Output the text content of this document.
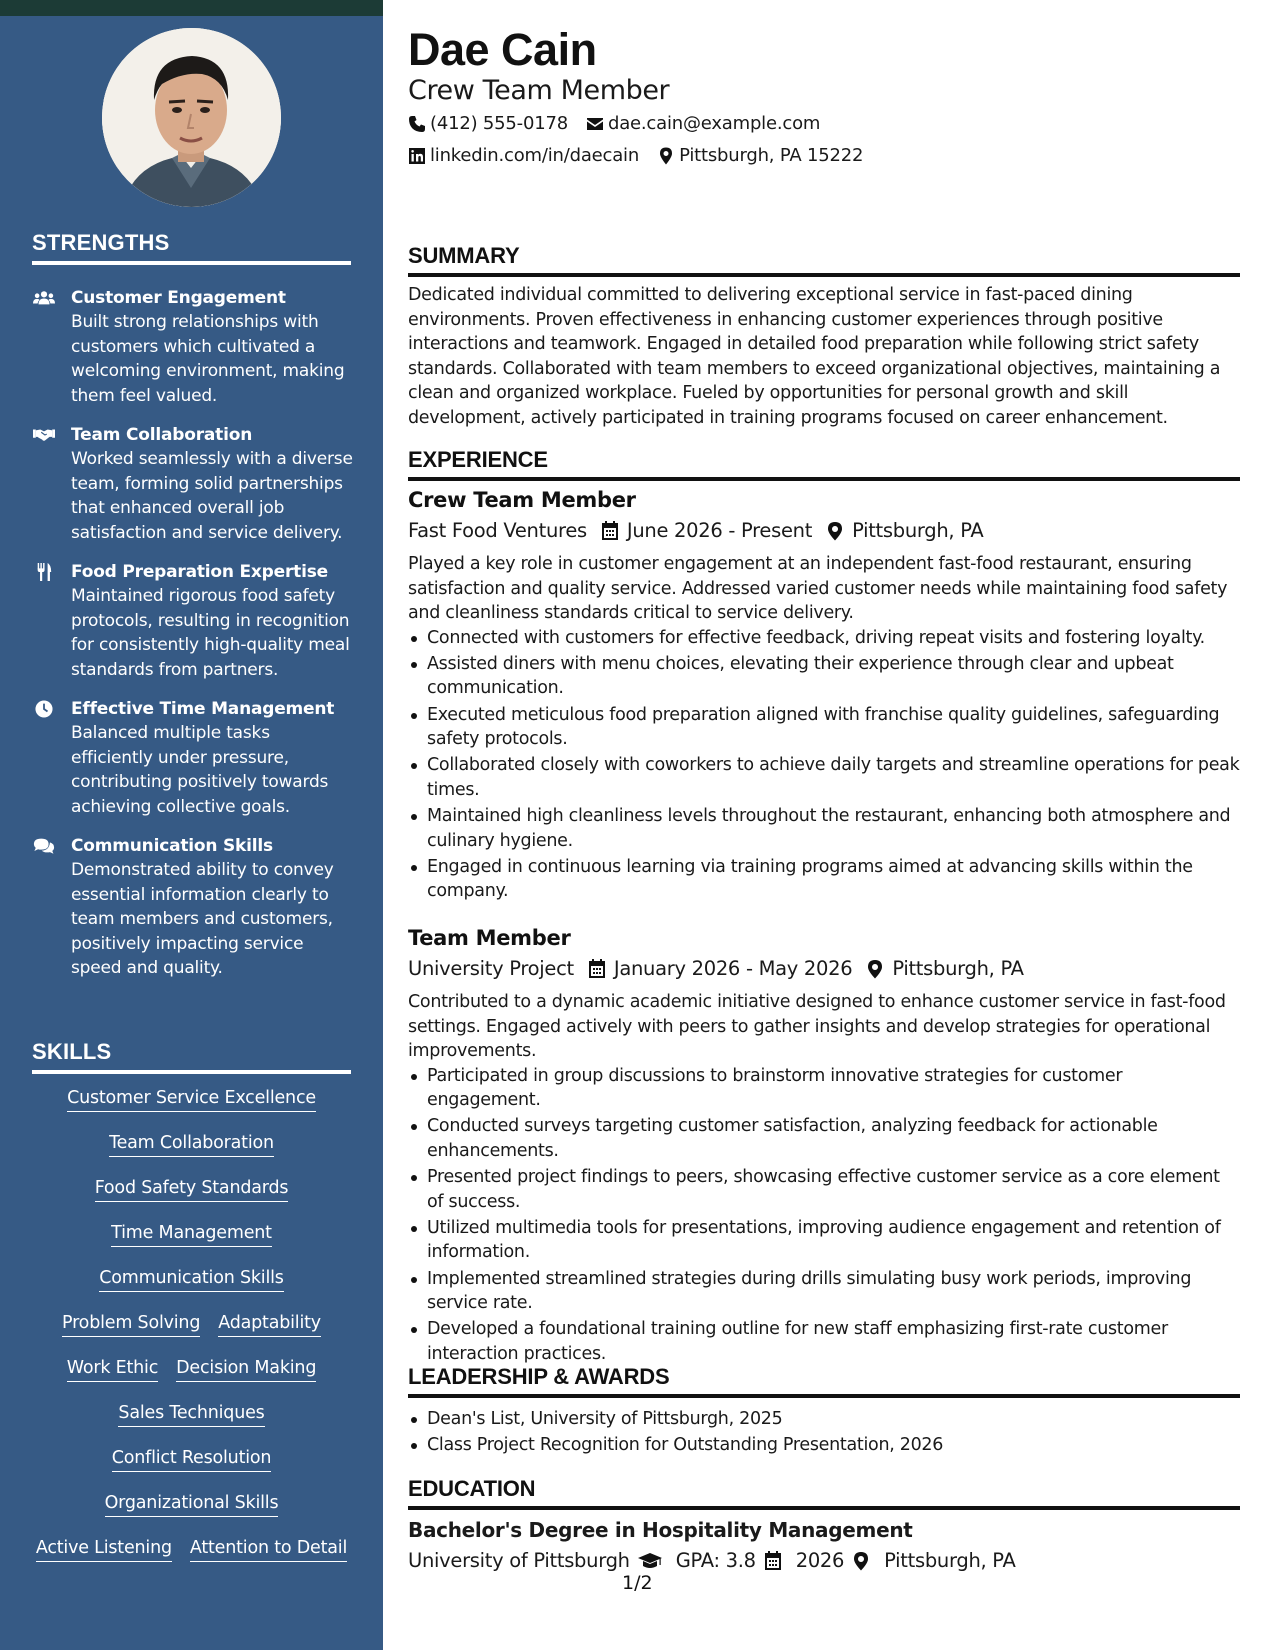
STRENGTHS
Customer Engagement
Built strong relationships with customers which cultivated a welcoming environment, making them feel valued.
Team Collaboration
Worked seamlessly with a diverse team, forming solid partnerships that enhanced overall job satisfaction and service delivery.
Food Preparation Expertise
Maintained rigorous food safety protocols, resulting in recognition for consistently high-quality meal standards from partners.
Effective Time Management
Balanced multiple tasks efficiently under pressure, contributing positively towards achieving collective goals.
Communication Skills
Demonstrated ability to convey essential information clearly to team members and customers, positively impacting service speed and quality.
SKILLS
Customer Service Excellence
Team Collaboration
Food Safety Standards
Time Management
Communication Skills
Problem Solving Adaptability
Work Ethic Decision Making
Sales Techniques
Conflict Resolution
Organizational Skills
Active Listening Attention to Detail
Dae Cain
Crew Team Member
(412) 555-0178 dae.cain@example.com
linkedin.com/in/daecain Pittsburgh, PA 15222
SUMMARY
Dedicated individual committed to delivering exceptional service in fast-paced dining environments. Proven effectiveness in enhancing customer experiences through positive interactions and teamwork. Engaged in detailed food preparation while following strict safety standards. Collaborated with team members to exceed organizational objectives, maintaining a clean and organized workplace. Fueled by opportunities for personal growth and skill development, actively participated in training programs focused on career enhancement.
EXPERIENCE
Crew Team Member
Fast Food Ventures June 2026 - Present Pittsburgh, PA
Played a key role in customer engagement at an independent fast-food restaurant, ensuring satisfaction and quality service. Addressed varied customer needs while maintaining food safety and cleanliness standards critical to service delivery.
Connected with customers for effective feedback, driving repeat visits and fostering loyalty.
Assisted diners with menu choices, elevating their experience through clear and upbeat communication.
Executed meticulous food preparation aligned with franchise quality guidelines, safeguarding safety protocols.
Collaborated closely with coworkers to achieve daily targets and streamline operations for peak times.
Maintained high cleanliness levels throughout the restaurant, enhancing both atmosphere and culinary hygiene.
Engaged in continuous learning via training programs aimed at advancing skills within the company.
Team Member
University Project January 2026 - May 2026 Pittsburgh, PA
Contributed to a dynamic academic initiative designed to enhance customer service in fast-food settings. Engaged actively with peers to gather insights and develop strategies for operational improvements.
Participated in group discussions to brainstorm innovative strategies for customer engagement.
Conducted surveys targeting customer satisfaction, analyzing feedback for actionable enhancements.
Presented project findings to peers, showcasing effective customer service as a core element of success.
Utilized multimedia tools for presentations, improving audience engagement and retention of information.
Implemented streamlined strategies during drills simulating busy work periods, improving service rate.
Developed a foundational training outline for new staff emphasizing first-rate customer interaction practices.
LEADERSHIP & AWARDS
Dean's List, University of Pittsburgh, 2025
Class Project Recognition for Outstanding Presentation, 2026
EDUCATION
Bachelor's Degree in Hospitality Management
University of Pittsburgh GPA: 3.8 2026 Pittsburgh, PA
1/2
